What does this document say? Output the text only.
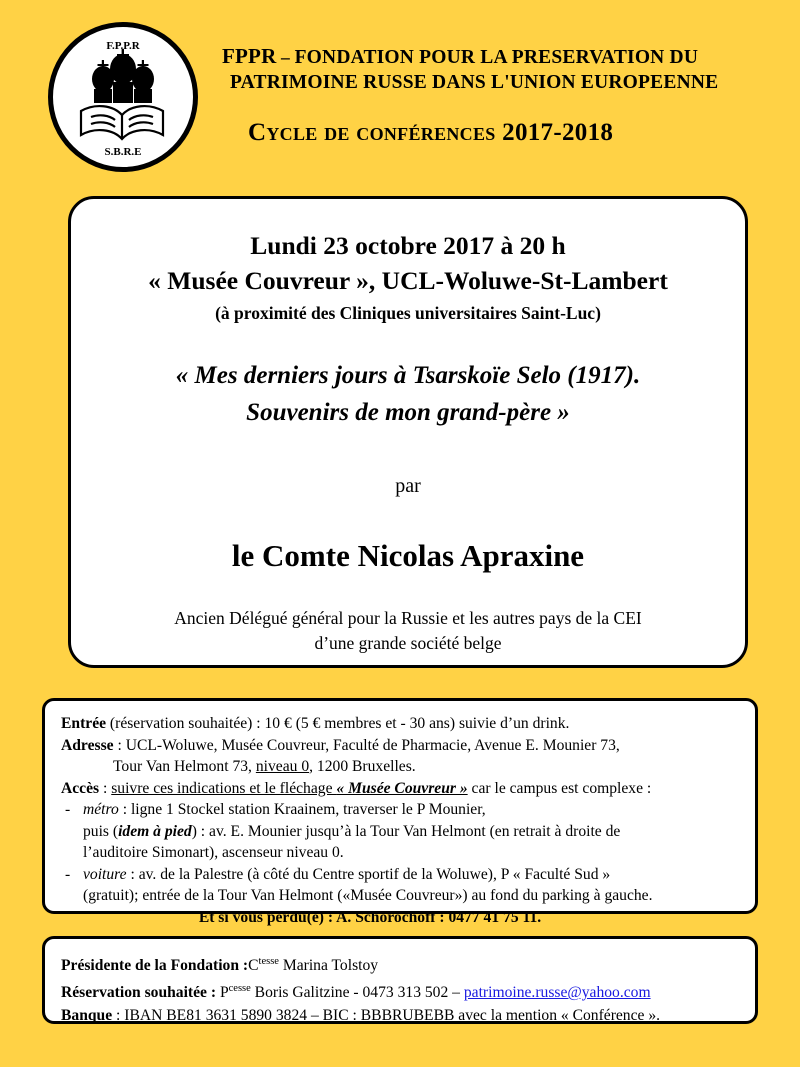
F.P.P.R
S.B.R.E
FPPR – FONDATION POUR LA PRESERVATION DU
PATRIMOINE RUSSE DANS L'UNION EUROPEENNE
Cycle de conférences 2017-2018
Lundi 23 octobre 2017 à 20 h
« Musée Couvreur », UCL-Woluwe-St-Lambert
(à proximité des Cliniques universitaires Saint-Luc)
« Mes derniers jours à Tsarskoïe Selo (1917).
Souvenirs de mon grand-père »
par
le Comte Nicolas Apraxine
Ancien Délégué général pour la Russie et les autres pays de la CEI
d’une grande société belge
Entrée (réservation souhaitée) : 10 € (5 € membres et - 30 ans) suivie d’un drink.
Adresse : UCL-Woluwe, Musée Couvreur, Faculté de Pharmacie, Avenue E. Mounier 73,
Tour Van Helmont 73, niveau 0, 1200 Bruxelles.
Accès : suivre ces indications et le fléchage « Musée Couvreur » car le campus est complexe :
- métro : ligne 1 Stockel station Kraainem, traverser le P Mounier,
puis (idem à pied) : av. E. Mounier jusqu’à la Tour Van Helmont (en retrait à droite de
l’auditoire Simonart), ascenseur niveau 0.
- voiture : av. de la Palestre (à côté du Centre sportif de la Woluwe), P « Faculté Sud »
(gratuit); entrée de la Tour Van Helmont («Musée Couvreur») au fond du parking à gauche.
Et si vous perdu(e) : A. Schorochoff : 0477 41 75 11.
Présidente de la Fondation $:C^{tesse}$ Marina Tolstoy
Réservation souhaitée : $P^{cesse}$ Boris Galitzine - 0473 313 502 – patrimoine.russe@yahoo.com
Banque : IBAN BE81 3631 5890 3824 – BIC : BBBRUBEBB avec la mention « Conférence ».
